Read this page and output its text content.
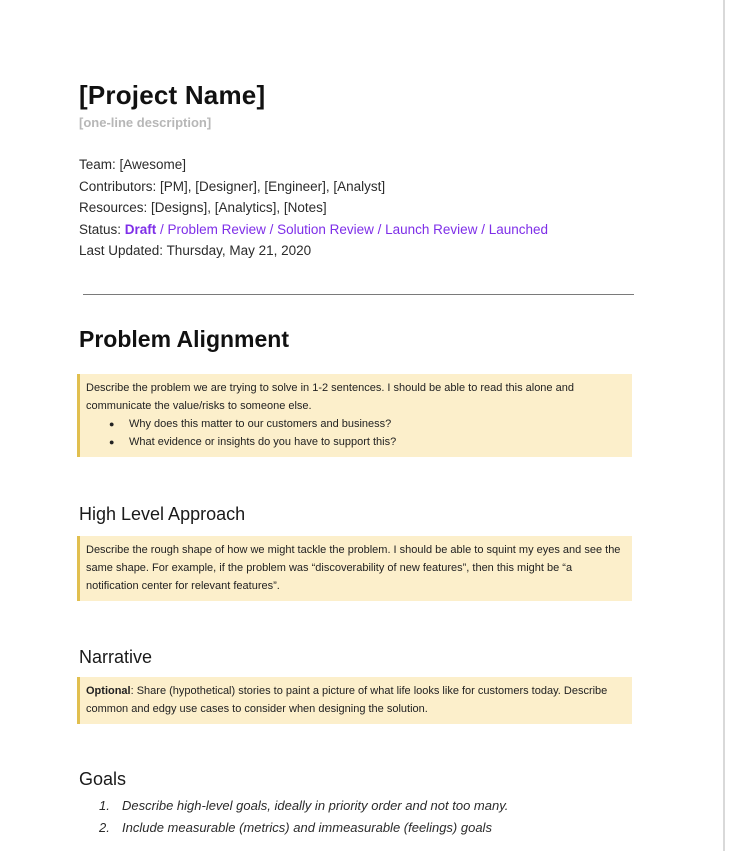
[Project Name]
[one-line description]
Team: [Awesome]
Contributors: [PM], [Designer], [Engineer], [Analyst]
Resources: [Designs], [Analytics], [Notes]
Status: Draft / Problem Review / Solution Review / Launch Review / Launched
Last Updated: Thursday, May 21, 2020
Problem Alignment
Describe the problem we are trying to solve in 1-2 sentences. I should be able to read this alone and communicate the value/risks to someone else.
● Why does this matter to our customers and business?
● What evidence or insights do you have to support this?
High Level Approach
Describe the rough shape of how we might tackle the problem. I should be able to squint my eyes and see the same shape. For example, if the problem was “discoverability of new features”, then this might be “a notification center for relevant features”.
Narrative
Optional: Share (hypothetical) stories to paint a picture of what life looks like for customers today. Describe common and edgy use cases to consider when designing the solution.
Goals
1. Describe high-level goals, ideally in priority order and not too many.
2. Include measurable (metrics) and immeasurable (feelings) goals
